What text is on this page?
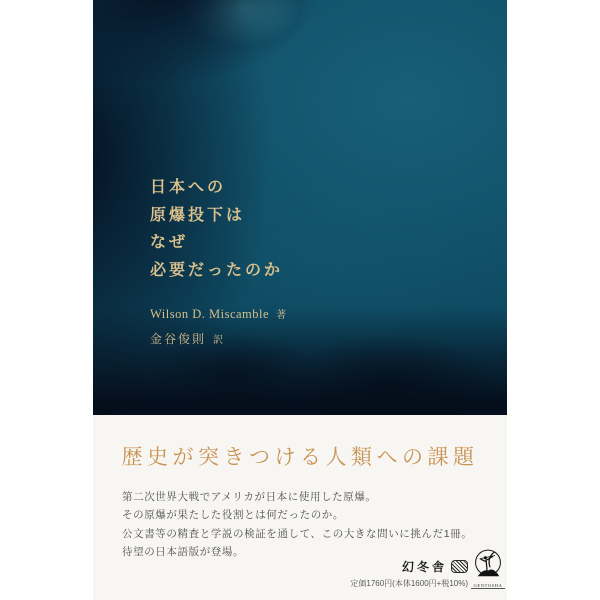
日本への
原爆投下は
なぜ
必要だったのか
Wilson D. Miscamble 著
金谷俊則 訳
歴史が突きつける人類への課題
第二次世界大戦でアメリカが日本に使用した原爆。
その原爆が果たした役割とは何だったのか。
公文書等の精査と学説の検証を通して、この大きな問いに挑んだ1冊。
待望の日本語版が登場。
幻冬舎
定価1760円(本体1600円+税10%)	GENTOSHA
